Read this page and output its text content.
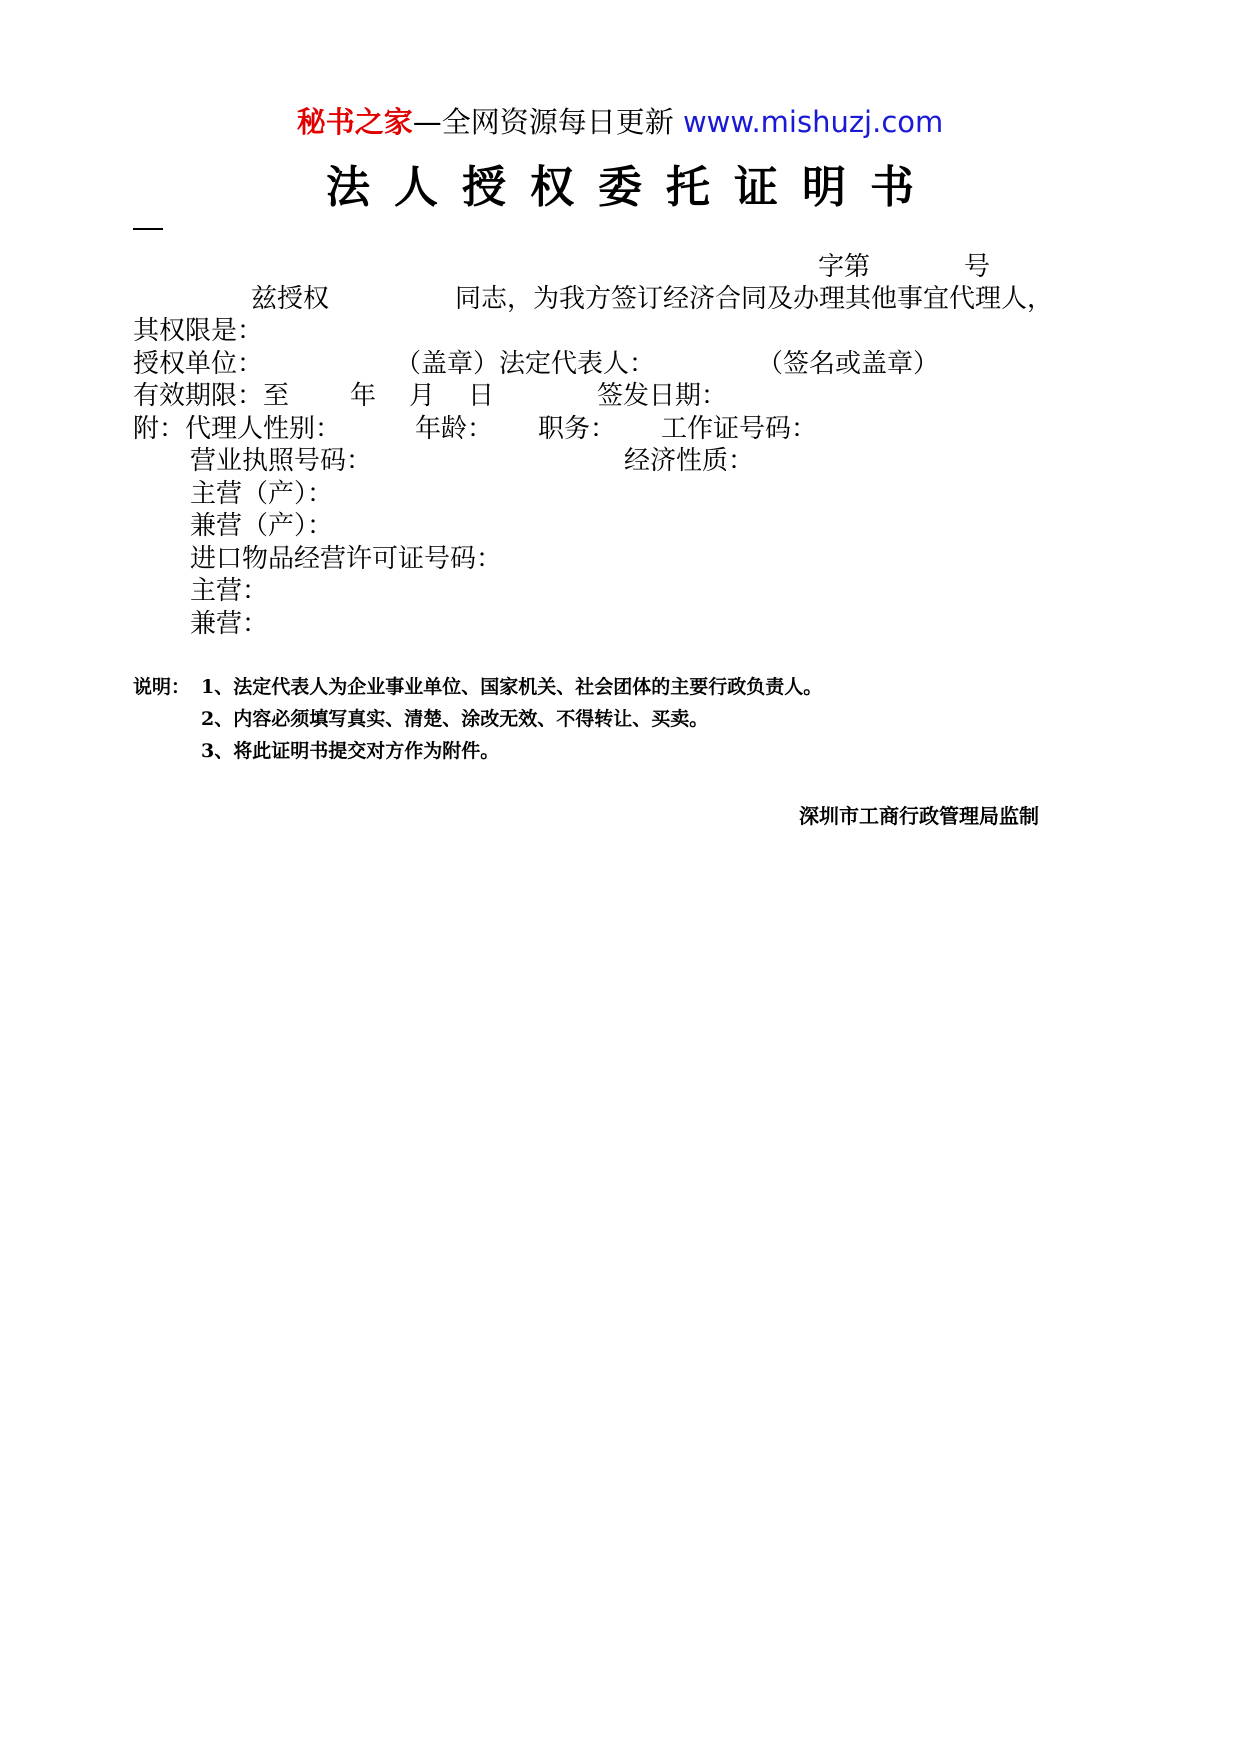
秘书之家—全网资源每日更新 www.mishuzj.com
法人授权委托证明书
字第	号
兹授权	同志，为我方签订经济合同及办理其他事宜代理人，
其权限是：
授权单位：	（盖章）法定代表人：	（签名或盖章）
有效期限：至 年 月 日	签发日期：
附：代理人性别：	年龄： 职务： 工作证号码：
营业执照号码：	经济性质：
主营（产）：
兼营（产）：
进口物品经营许可证号码：
主营：
兼营：
说明： 1、法定代表人为企业事业单位、国家机关、社会团体的主要行政负责人。
2、内容必须填写真实、清楚、涂改无效、不得转让、买卖。
3、将此证明书提交对方作为附件。
深圳市工商行政管理局监制
